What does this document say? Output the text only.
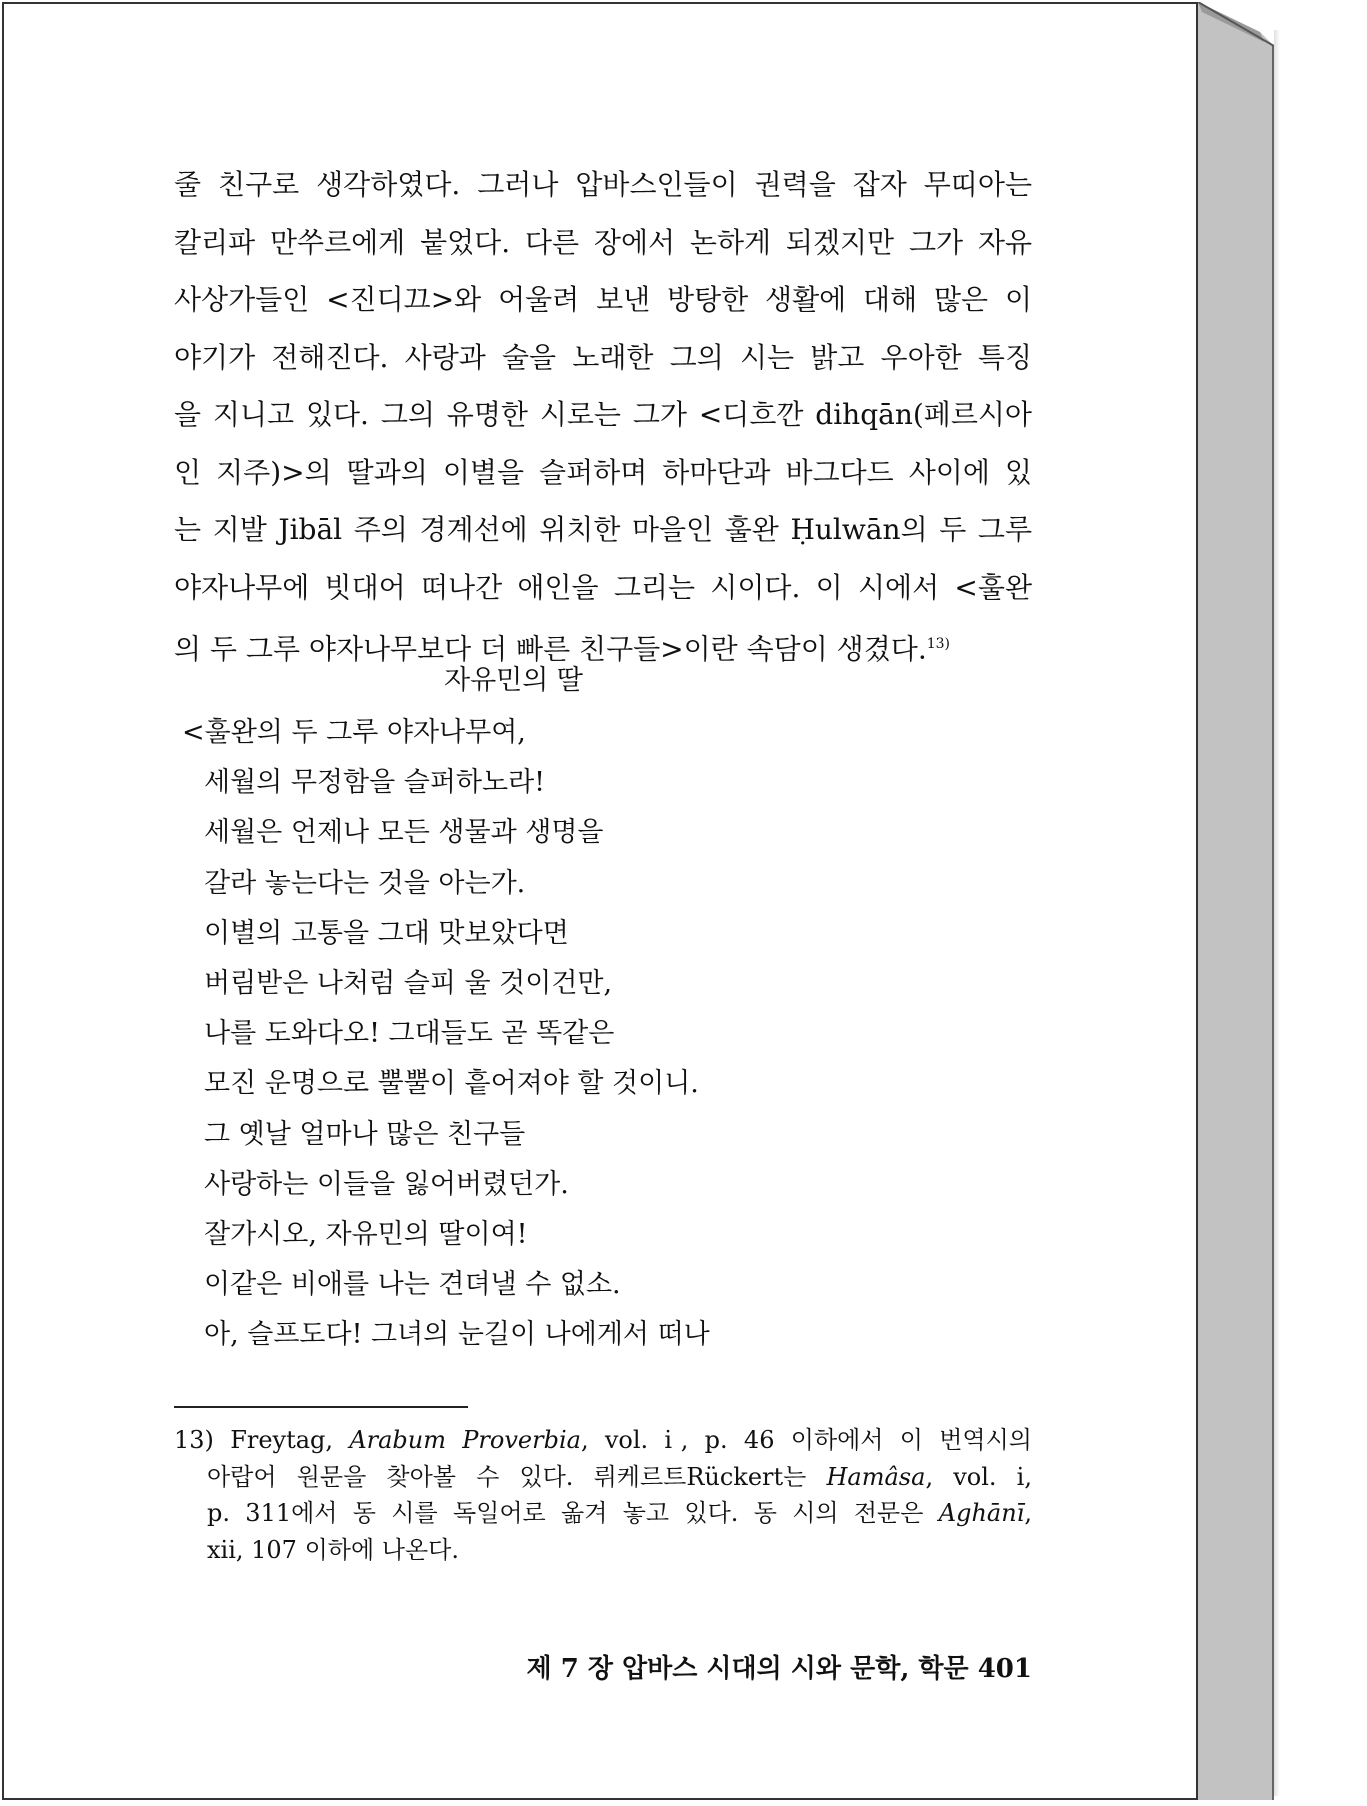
줄 친구로 생각하였다. 그러나 압바스인들이 권력을 잡자 무띠아는
칼리파 만쑤르에게 붙었다. 다른 장에서 논하게 되겠지만 그가 자유
사상가들인 <진디끄>와 어울려 보낸 방탕한 생활에 대해 많은 이
야기가 전해진다. 사랑과 술을 노래한 그의 시는 밝고 우아한 특징
을 지니고 있다. 그의 유명한 시로는 그가 <디흐깐 dihqān(페르시아
인 지주)>의 딸과의 이별을 슬퍼하며 하마단과 바그다드 사이에 있
는 지발 Jibāl 주의 경계선에 위치한 마을인 훌완 Ḥulwān의 두 그루
야자나무에 빗대어 떠나간 애인을 그리는 시이다. 이 시에서 <훌완
의 두 그루 야자나무보다 더 빠른 친구들>이란 속담이 생겼다.$^{13)}$
자유민의 딸
<훌완의 두 그루 야자나무여,
세월의 무정함을 슬퍼하노라!
세월은 언제나 모든 생물과 생명을
갈라 놓는다는 것을 아는가.
이별의 고통을 그대 맛보았다면
버림받은 나처럼 슬피 울 것이건만,
나를 도와다오! 그대들도 곧 똑같은
모진 운명으로 뿔뿔이 흩어져야 할 것이니.
그 옛날 얼마나 많은 친구들
사랑하는 이들을 잃어버렸던가.
잘가시오, 자유민의 딸이여!
이같은 비애를 나는 견뎌낼 수 없소.
아, 슬프도다! 그녀의 눈길이 나에게서 떠나
13) Freytag, Arabum Proverbia, vol. ⅰ, p. 46 이하에서 이 번역시의
아랍어 원문을 찾아볼 수 있다. 뤼케르트Rückert는 Hamâsa, vol. i,
p. 311에서 동 시를 독일어로 옮겨 놓고 있다. 동 시의 전문은 Aghānī,
xii, 107 이하에 나온다.
제 7 장 압바스 시대의 시와 문학, 학문 401
